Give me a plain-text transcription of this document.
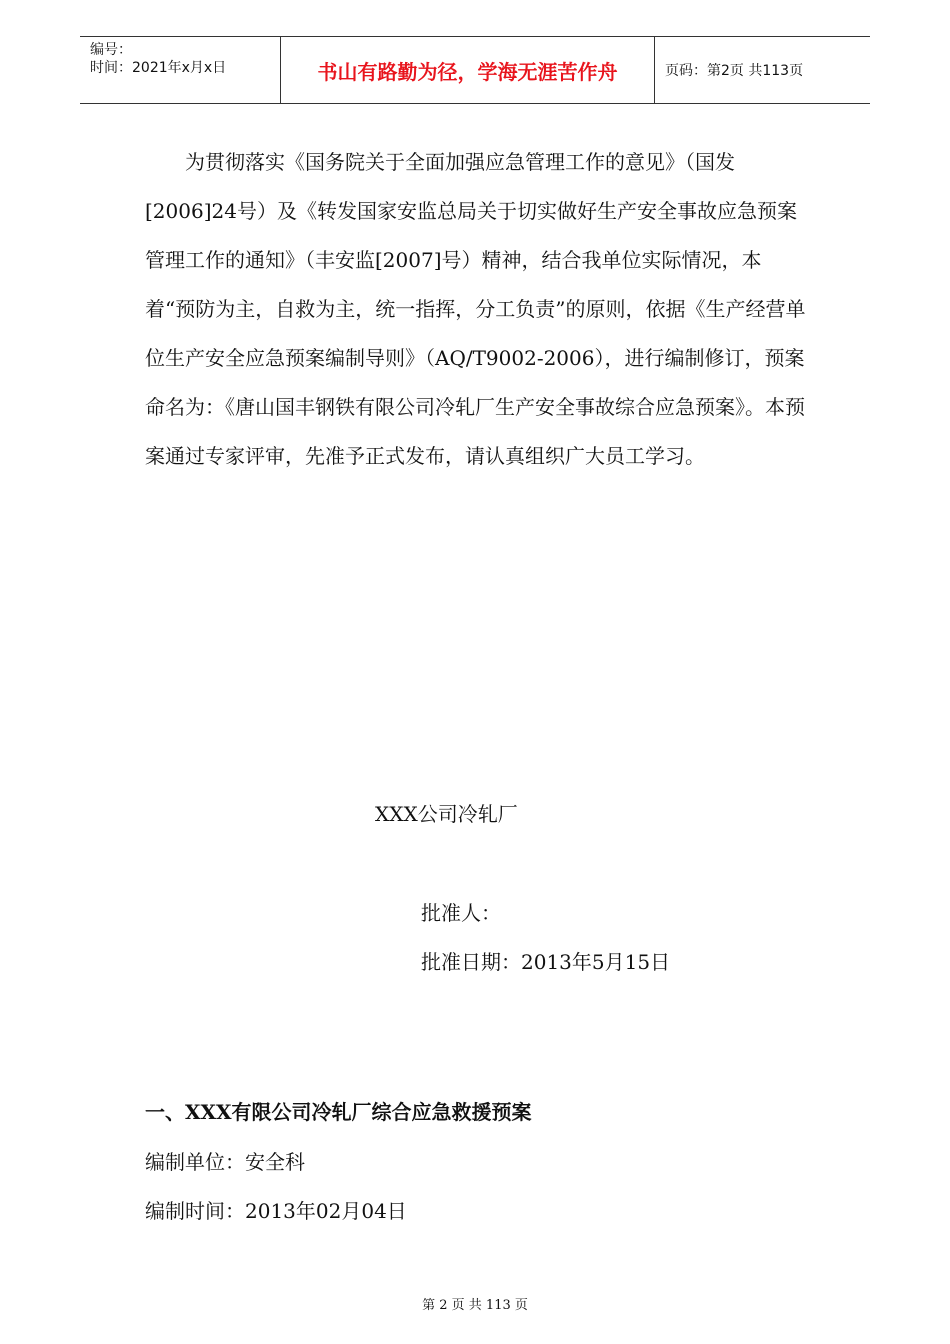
编号：
时间：2021年x月x日	书山有路勤为径，学海无涯苦作舟	页码：第2页 共113页

为贯彻落实《国务院关于全面加强应急管理工作的意见》（国发[2006]24号）及《转发国家安监总局关于切实做好生产安全事故应急预案管理工作的通知》（丰安监[2007]号）精神，结合我单位实际情况，本着“预防为主，自救为主，统一指挥，分工负责”的原则，依据《生产经营单位生产安全应急预案编制导则》（AQ/T9002-2006），进行编制修订，预案命名为：《唐山国丰钢铁有限公司冷轧厂生产安全事故综合应急预案》。本预案通过专家评审，先准予正式发布，请认真组织广大员工学习。

XXX公司冷轧厂
批准人：
批准日期：2013年5月15日
一、XXX有限公司冷轧厂综合应急救援预案
编制单位：安全科
编制时间：2013年02月04日
第 2 页 共 113 页
